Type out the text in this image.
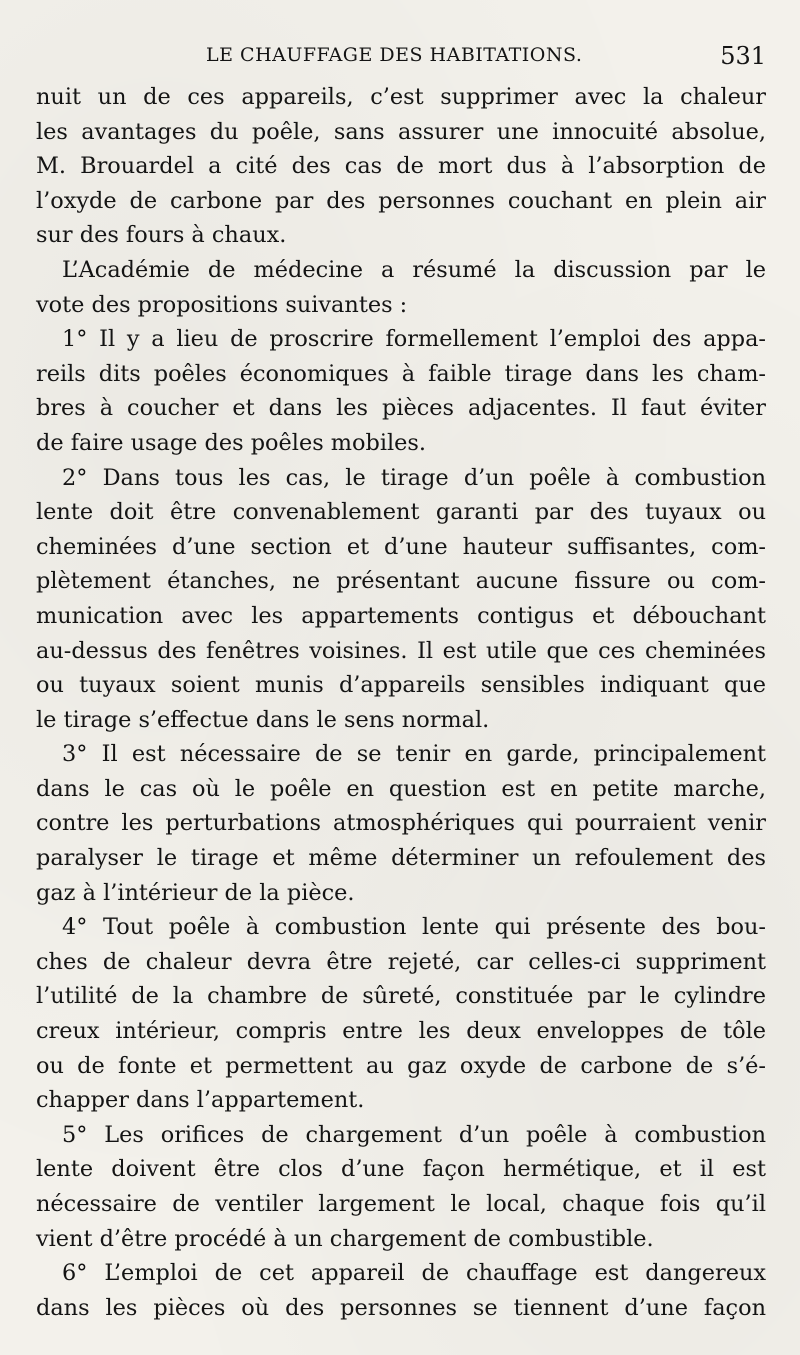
LE CHAUFFAGE DES HABITATIONS.	531
nuit un de ces appareils, c’est supprimer avec la chaleur
les avantages du poêle, sans assurer une innocuité absolue,
M. Brouardel a cité des cas de mort dus à l’absorption de
l’oxyde de carbone par des personnes couchant en plein air
sur des fours à chaux.
L’Académie de médecine a résumé la discussion par le
vote des propositions suivantes :
1° Il y a lieu de proscrire formellement l’emploi des appa-
reils dits poêles économiques à faible tirage dans les cham-
bres à coucher et dans les pièces adjacentes. Il faut éviter
de faire usage des poêles mobiles.
2° Dans tous les cas, le tirage d’un poêle à combustion
lente doit être convenablement garanti par des tuyaux ou
cheminées d’une section et d’une hauteur suffisantes, com-
plètement étanches, ne présentant aucune fissure ou com-
munication avec les appartements contigus et débouchant
au-dessus des fenêtres voisines. Il est utile que ces cheminées
ou tuyaux soient munis d’appareils sensibles indiquant que
le tirage s’effectue dans le sens normal.
3° Il est nécessaire de se tenir en garde, principalement
dans le cas où le poêle en question est en petite marche,
contre les perturbations atmosphériques qui pourraient venir
paralyser le tirage et même déterminer un refoulement des
gaz à l’intérieur de la pièce.
4° Tout poêle à combustion lente qui présente des bou-
ches de chaleur devra être rejeté, car celles-ci suppriment
l’utilité de la chambre de sûreté, constituée par le cylindre
creux intérieur, compris entre les deux enveloppes de tôle
ou de fonte et permettent au gaz oxyde de carbone de s’é-
chapper dans l’appartement.
5° Les orifices de chargement d’un poêle à combustion
lente doivent être clos d’une façon hermétique, et il est
nécessaire de ventiler largement le local, chaque fois qu’il
vient d’être procédé à un chargement de combustible.
6° L’emploi de cet appareil de chauffage est dangereux
dans les pièces où des personnes se tiennent d’une façon
